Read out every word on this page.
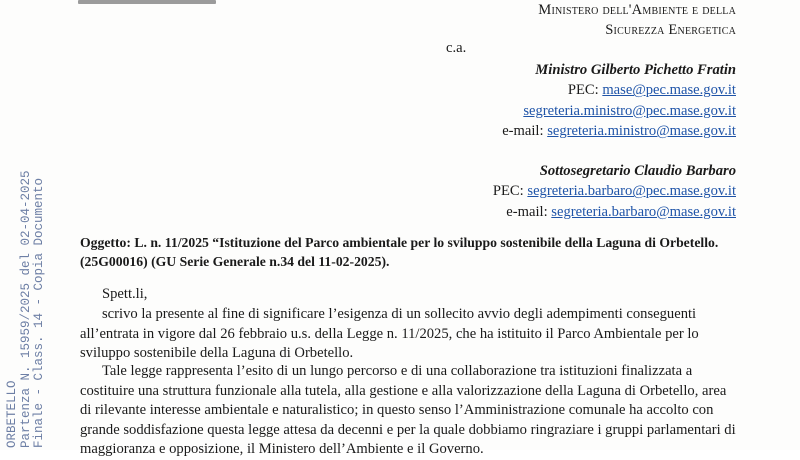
Ministero dell'Ambiente e della
Sicurezza Energetica
c.a.
Ministro Gilberto Pichetto Fratin
PEC: mase@pec.mase.gov.it
segreteria.ministro@pec.mase.gov.it
e-mail: segreteria.ministro@mase.gov.it
Sottosegretario Claudio Barbaro
PEC: segreteria.barbaro@pec.mase.gov.it
e-mail: segreteria.barbaro@mase.gov.it
Oggetto: L. n. 11/2025 “Istituzione del Parco ambientale per lo sviluppo sostenibile della Laguna di Orbetello. (25G00016) (GU Serie Generale n.34 del 11-02-2025).
Spett.li,
scrivo la presente al fine di significare l’esigenza di un sollecito avvio degli adempimenti conseguenti all’entrata in vigore dal 26 febbraio u.s. della Legge n. 11/2025, che ha istituito il Parco Ambientale per lo sviluppo sostenibile della Laguna di Orbetello.
Tale legge rappresenta l’esito di un lungo percorso e di una collaborazione tra istituzioni finalizzata a costituire una struttura funzionale alla tutela, alla gestione e alla valorizzazione della Laguna di Orbetello, area di rilevante interesse ambientale e naturalistico; in questo senso l’Amministrazione comunale ha accolto con grande soddisfazione questa legge attesa da decenni e per la quale dobbiamo ringraziare i gruppi parlamentari di maggioranza e opposizione, il Ministero dell’Ambiente e il Governo.
ORBETELLO Partenza N. 15959/2025 del 02-04-2025 Finale - Class. 14 - Copia Documento
